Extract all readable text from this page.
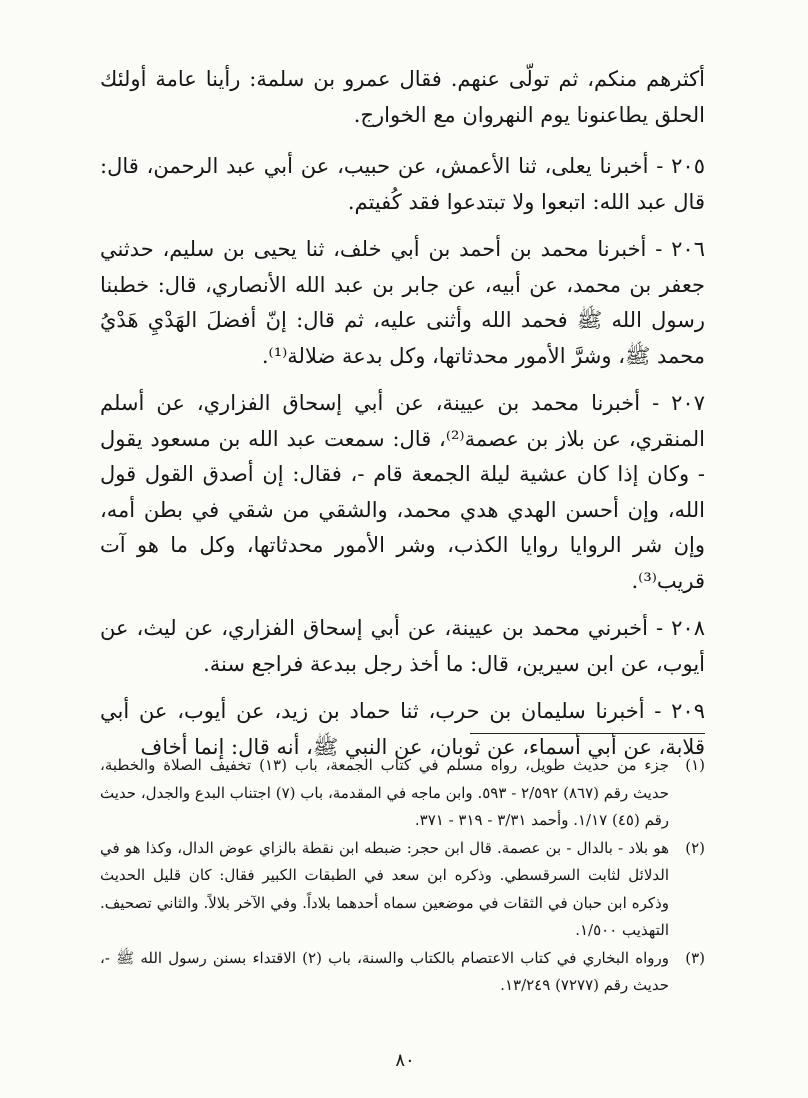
أكثرهم منكم، ثم تولّى عنهم. فقال عمرو بن سلمة: رأينا عامة أولئك الحلق يطاعنونا يوم النهروان مع الخوارج.

٢٠٥ - أخبرنا يعلى، ثنا الأعمش، عن حبيب، عن أبي عبد الرحمن، قال: قال عبد الله: اتبعوا ولا تبتدعوا فقد كُفيتم.

٢٠٦ - أخبرنا محمد بن أحمد بن أبي خلف، ثنا يحيى بن سليم، حدثني جعفر بن محمد، عن أبيه، عن جابر بن عبد الله الأنصاري، قال: خطبنا رسول الله ﷺ فحمد الله وأثنى عليه، ثم قال: إنّ أفضلَ الهَدْيِ هَدْيُ محمد ﷺ، وشرَّ الأمور محدثاتها، وكل بدعة ضلالة⁽¹⁾.

٢٠٧ - أخبرنا محمد بن عيينة، عن أبي إسحاق الفزاري، عن أسلم المنقري، عن بلاز بن عصمة⁽²⁾، قال: سمعت عبد الله بن مسعود يقول - وكان إذا كان عشية ليلة الجمعة قام -، فقال: إن أصدق القول قول الله، وإن أحسن الهدي هدي محمد، والشقي من شقي في بطن أمه، وإن شر الروايا روايا الكذب، وشر الأمور محدثاتها، وكل ما هو آت قريب⁽³⁾.

٢٠٨ - أخبرني محمد بن عيينة، عن أبي إسحاق الفزاري، عن ليث، عن أيوب، عن ابن سيرين، قال: ما أخذ رجل ببدعة فراجع سنة.

٢٠٩ - أخبرنا سليمان بن حرب، ثنا حماد بن زيد، عن أيوب، عن أبي قلابة، عن أبي أسماء، عن ثوبان، عن النبي ﷺ، أنه قال: إنما أخاف

(١)
جزء من حديث طويل، رواه مسلم في كتاب الجمعة، باب (١٣) تخفيف الصلاة والخطبة، حديث رقم (٨٦٧) ٢/٥٩٢ - ٥٩٣. وابن ماجه في المقدمة، باب (٧) اجتناب البدع والجدل، حديث رقم (٤٥) ١/١٧. وأحمد ٣/٣١ - ٣١٩ - ٣٧١.
(٢)
هو بلاد - بالدال - بن عصمة. قال ابن حجر: ضبطه ابن نقطة بالزاي عوض الدال، وكذا هو في الدلائل لثابت السرقسطي. وذكره ابن سعد في الطبقات الكبير فقال: كان قليل الحديث وذكره ابن حبان في الثقات في موضعين سماه أحدهما بلاداً. وفي الآخر بلالاً. والثاني تصحيف. التهذيب ١/٥٠٠.
(٣)
ورواه البخاري في كتاب الاعتصام بالكتاب والسنة، باب (٢) الاقتداء بسنن رسول الله ﷺ -، حديث رقم (٧٢٧٧) ١٣/٢٤٩.
٨٠
